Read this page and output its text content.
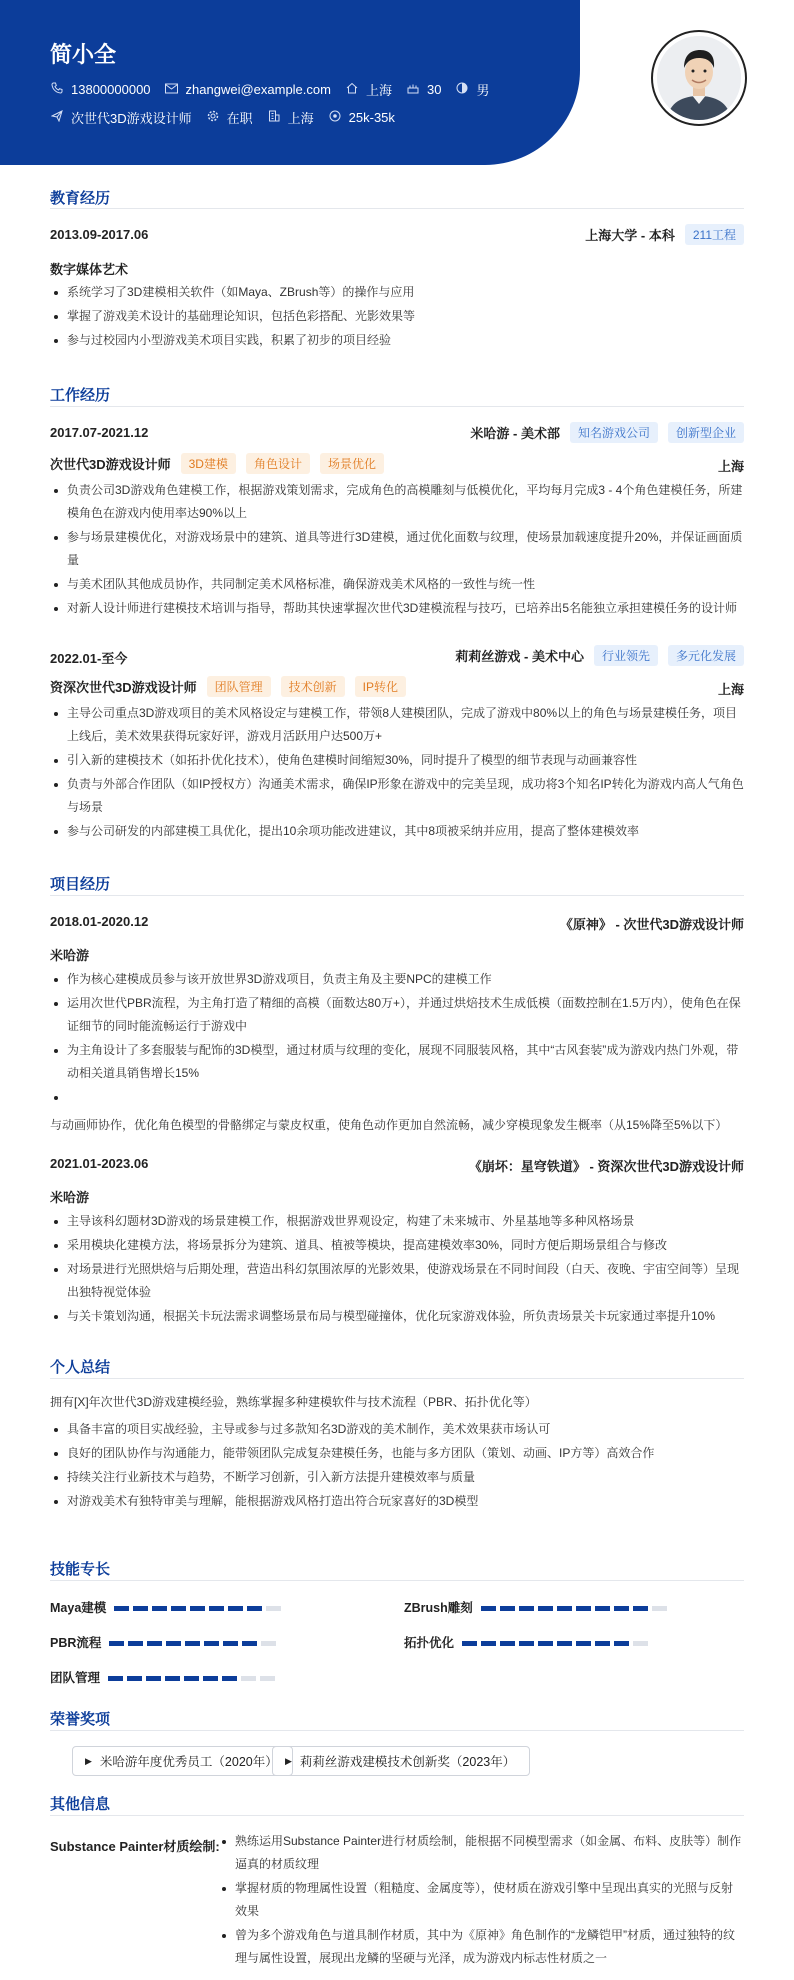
简小全
13800000000	zhangwei@example.com	上海	30	男
次世代3D游戏设计师	在职	上海	25k-35k
教育经历
2013.09-2017.06	上海大学 - 本科	211工程
数字媒体艺术
系统学习了3D建模相关软件（如Maya、ZBrush等）的操作与应用
掌握了游戏美术设计的基础理论知识，包括色彩搭配、光影效果等
参与过校园内小型游戏美术项目实践，积累了初步的项目经验
工作经历
2017.07-2021.12	米哈游 - 美术部	知名游戏公司	创新型企业
次世代3D游戏设计师	3D建模	角色设计	场景优化	上海
负责公司3D游戏角色建模工作，根据游戏策划需求，完成角色的高模雕刻与低模优化，平均每月完成3 - 4个角色建模任务，所建模角色在游戏内使用率达90%以上
参与场景建模优化，对游戏场景中的建筑、道具等进行3D建模，通过优化面数与纹理，使场景加载速度提升20%，并保证画面质量
与美术团队其他成员协作，共同制定美术风格标准，确保游戏美术风格的一致性与统一性
对新人设计师进行建模技术培训与指导，帮助其快速掌握次世代3D建模流程与技巧，已培养出5名能独立承担建模任务的设计师
2022.01-至今	莉莉丝游戏 - 美术中心	行业领先	多元化发展
资深次世代3D游戏设计师	团队管理	技术创新	IP转化	上海
主导公司重点3D游戏项目的美术风格设定与建模工作，带领8人建模团队，完成了游戏中80%以上的角色与场景建模任务，项目上线后，美术效果获得玩家好评，游戏月活跃用户达500万+
引入新的建模技术（如拓扑优化技术），使角色建模时间缩短30%，同时提升了模型的细节表现与动画兼容性
负责与外部合作团队（如IP授权方）沟通美术需求，确保IP形象在游戏中的完美呈现，成功将3个知名IP转化为游戏内高人气角色与场景
参与公司研发的内部建模工具优化，提出10余项功能改进建议，其中8项被采纳并应用，提高了整体建模效率
项目经历
2018.01-2020.12	《原神》 - 次世代3D游戏设计师
米哈游
作为核心建模成员参与该开放世界3D游戏项目，负责主角及主要NPC的建模工作
运用次世代PBR流程，为主角打造了精细的高模（面数达80万+），并通过烘焙技术生成低模（面数控制在1.5万内），使角色在保证细节的同时能流畅运行于游戏中
为主角设计了多套服装与配饰的3D模型，通过材质与纹理的变化，展现不同服装风格，其中“古风套装”成为游戏内热门外观，带动相关道具销售增长15%
与动画师协作，优化角色模型的骨骼绑定与蒙皮权重，使角色动作更加自然流畅，减少穿模现象发生概率（从15%降至5%以下）
2021.01-2023.06	《崩坏：星穹铁道》 - 资深次世代3D游戏设计师
米哈游
主导该科幻题材3D游戏的场景建模工作，根据游戏世界观设定，构建了未来城市、外星基地等多种风格场景
采用模块化建模方法，将场景拆分为建筑、道具、植被等模块，提高建模效率30%，同时方便后期场景组合与修改
对场景进行光照烘焙与后期处理，营造出科幻氛围浓厚的光影效果，使游戏场景在不同时间段（白天、夜晚、宇宙空间等）呈现出独特视觉体验
与关卡策划沟通，根据关卡玩法需求调整场景布局与模型碰撞体，优化玩家游戏体验，所负责场景关卡玩家通过率提升10%
个人总结
拥有[X]年次世代3D游戏建模经验，熟练掌握多种建模软件与技术流程（PBR、拓扑优化等）
具备丰富的项目实战经验，主导或参与过多款知名3D游戏的美术制作，美术效果获市场认可
良好的团队协作与沟通能力，能带领团队完成复杂建模任务，也能与多方团队（策划、动画、IP方等）高效合作
持续关注行业新技术与趋势，不断学习创新，引入新方法提升建模效率与质量
对游戏美术有独特审美与理解，能根据游戏风格打造出符合玩家喜好的3D模型
技能专长
Maya建模	ZBrush雕刻
PBR流程	拓扑优化
团队管理
荣誉奖项
▶ 米哈游年度优秀员工（2020年） ▶ 莉莉丝游戏建模技术创新奖（2023年）
其他信息
Substance Painter材质绘制:	熟练运用Substance Painter进行材质绘制，能根据不同模型需求（如金属、布料、皮肤等）制作逼真的材质纹理
掌握材质的物理属性设置（粗糙度、金属度等），使材质在游戏引擎中呈现出真实的光照与反射效果
曾为多个游戏角色与道具制作材质，其中为《原神》角色制作的“龙鳞铠甲”材质，通过独特的纹理与属性设置，展现出龙鳞的坚硬与光泽，成为游戏内标志性材质之一
